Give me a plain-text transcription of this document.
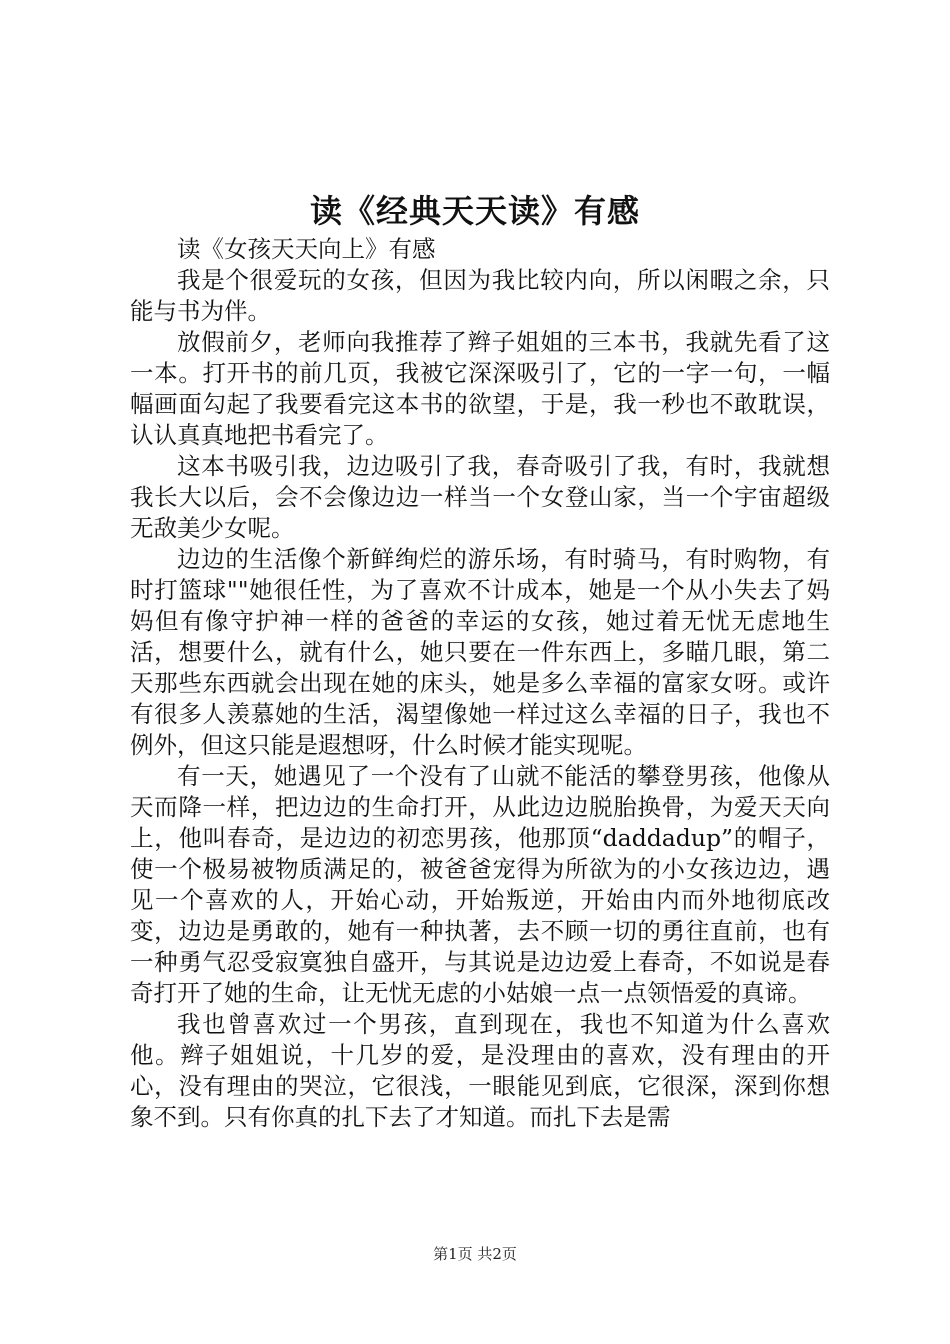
读《经典天天读》有感

读《女孩天天向上》有感

我是个很爱玩的女孩，但因为我比较内向，所以闲暇之余，只能与书为伴。

放假前夕，老师向我推荐了辫子姐姐的三本书，我就先看了这一本。打开书的前几页，我被它深深吸引了，它的一字一句，一幅幅画面勾起了我要看完这本书的欲望，于是，我一秒也不敢耽误，认认真真地把书看完了。

这本书吸引我，边边吸引了我，春奇吸引了我，有时，我就想我长大以后，会不会像边边一样当一个女登山家，当一个宇宙超级无敌美少女呢。

边边的生活像个新鲜绚烂的游乐场，有时骑马，有时购物，有时打篮球""她很任性，为了喜欢不计成本，她是一个从小失去了妈妈但有像守护神一样的爸爸的幸运的女孩，她过着无忧无虑地生活，想要什么，就有什么，她只要在一件东西上，多瞄几眼，第二天那些东西就会出现在她的床头，她是多么幸福的富家女呀。或许有很多人羡慕她的生活，渴望像她一样过这么幸福的日子，我也不例外，但这只能是遐想呀，什么时候才能实现呢。

有一天，她遇见了一个没有了山就不能活的攀登男孩，他像从天而降一样，把边边的生命打开，从此边边脱胎换骨，为爱天天向上，他叫春奇，是边边的初恋男孩，他那顶“daddadup”的帽子，使一个极易被物质满足的，被爸爸宠得为所欲为的小女孩边边，遇见一个喜欢的人，开始心动，开始叛逆，开始由内而外地彻底改变，边边是勇敢的，她有一种执著，去不顾一切的勇往直前，也有一种勇气忍受寂寞独自盛开，与其说是边边爱上春奇，不如说是春奇打开了她的生命，让无忧无虑的小姑娘一点一点领悟爱的真谛。

我也曾喜欢过一个男孩，直到现在，我也不知道为什么喜欢他。辫子姐姐说，十几岁的爱，是没理由的喜欢，没有理由的开心，没有理由的哭泣，它很浅，一眼能见到底，它很深，深到你想象不到。只有你真的扎下去了才知道。而扎下去是需

第1页 共2页
